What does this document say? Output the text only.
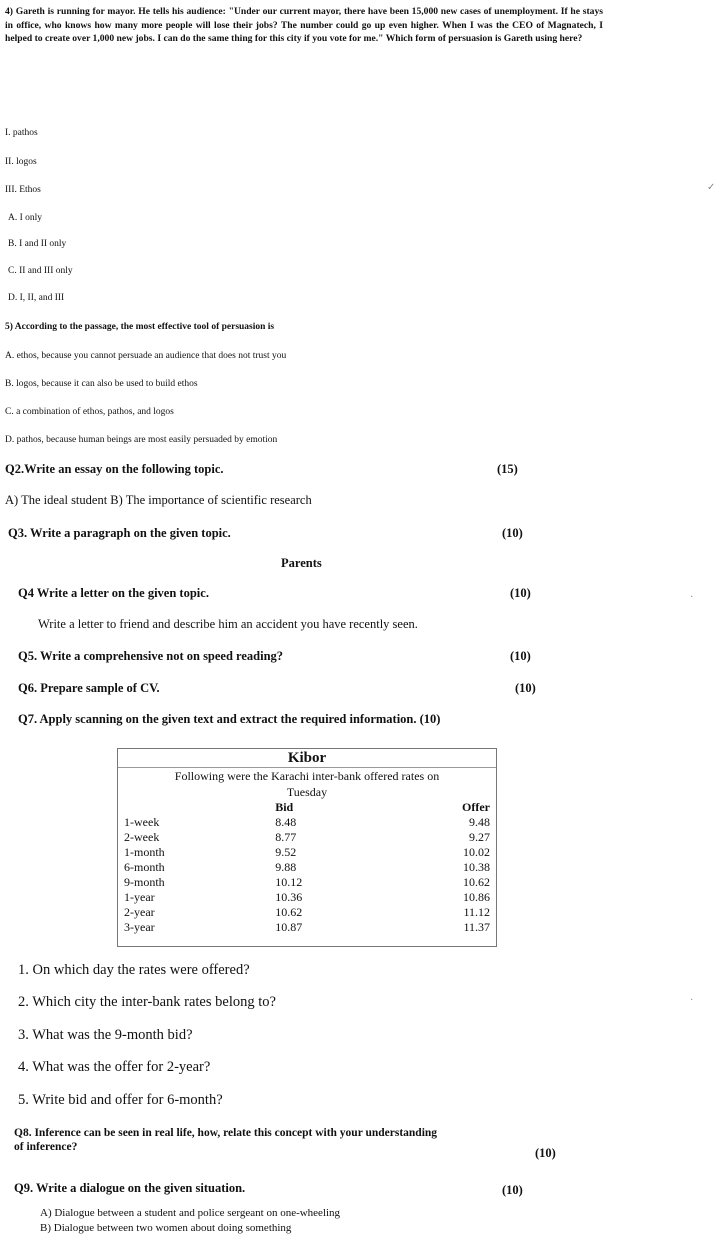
4) Gareth is running for mayor. He tells his audience: "Under our current mayor, there have been 15,000 new cases of unemployment. If he stays in office, who knows how many more people will lose their jobs? The number could go up even higher. When I was the CEO of Magnatech, I helped to create over 1,000 new jobs. I can do the same thing for this city if you vote for me." Which form of persuasion is Gareth using here?
I. pathos
II. logos
III. Ethos
A. I only
B. I and II only
C. II and III only
D. I, II, and III
5) According to the passage, the most effective tool of persuasion is
A. ethos, because you cannot persuade an audience that does not trust you
B. logos, because it can also be used to build ethos
C. a combination of ethos, pathos, and logos
D. pathos, because human beings are most easily persuaded by emotion
Q2.Write an essay on the following topic.	(15)
A) The ideal student B) The importance of scientific research
Q3. Write a paragraph on the given topic.	(10)
Parents
Q4 Write a letter on the given topic.	(10)
Write a letter to friend and describe him an accident you have recently seen.
Q5. Write a comprehensive not on speed reading?	(10)
Q6. Prepare sample of CV.	(10)
Q7. Apply scanning on the given text and extract the required information. (10)
Kibor
Following were the Karachi inter-bank offered rates on
Tuesday
	Bid	Offer
1-week	8.48	9.48
2-week	8.77	9.27
1-month	9.52	10.02
6-month	9.88	10.38
9-month	10.12	10.62
1-year	10.36	10.86
2-year	10.62	11.12
3-year	10.87	11.37
1. On which day the rates were offered?
2. Which city the inter-bank rates belong to?
3. What was the 9-month bid?
4. What was the offer for 2-year?
5. Write bid and offer for 6-month?
Q8. Inference can be seen in real life, how, relate this concept with your understanding
of inference?	(10)
Q9. Write a dialogue on the given situation.	(10)
A) Dialogue between a student and police sergeant on one-wheeling
B) Dialogue between two women about doing something
✓
·
·
